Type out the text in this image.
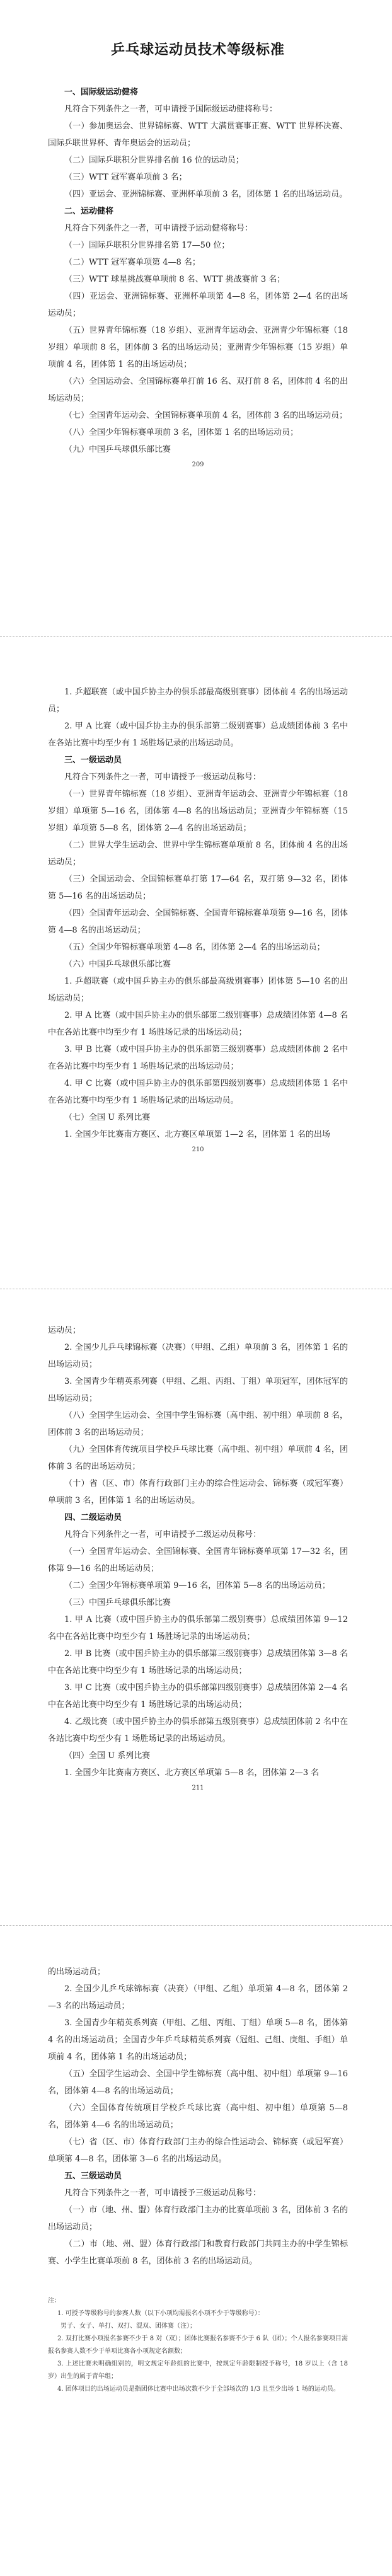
乒乓球运动员技术等级标准

一、国际级运动健将

凡符合下列条件之一者，可申请授予国际级运动健将称号：

（一）参加奥运会、世界锦标赛、WTT 大满贯赛事正赛、WTT 世界杯决赛、国际乒联世界杯、青年奥运会的运动员；

（二）国际乒联积分世界排名前 16 位的运动员；

（三）WTT 冠军赛单项前 3 名；

（四）亚运会、亚洲锦标赛、亚洲杯单项前 3 名，团体第 1 名的出场运动员。

二、运动健将

凡符合下列条件之一者，可申请授予运动健将称号：

（一）国际乒联积分世界排名第 17—50 位；

（二）WTT 冠军赛单项第 4—8 名；

（三）WTT 球星挑战赛单项前 8 名、WTT 挑战赛前 3 名；

（四）亚运会、亚洲锦标赛、亚洲杯单项第 4—8 名，团体第 2—4 名的出场运动员；

（五）世界青年锦标赛（18 岁组）、亚洲青年运动会、亚洲青少年锦标赛（18 岁组）单项前 8 名，团体前 3 名的出场运动员；亚洲青少年锦标赛（15 岁组）单项前 4 名，团体第 1 名的出场运动员；

（六）全国运动会、全国锦标赛单打前 16 名、双打前 8 名，团体前 4 名的出场运动员；

（七）全国青年运动会、全国锦标赛单项前 4 名，团体前 3 名的出场运动员；

（八）全国少年锦标赛单项前 3 名，团体第 1 名的出场运动员；

（九）中国乒乓球俱乐部比赛

209

1. 乒超联赛（或中国乒协主办的俱乐部最高级别赛事）团体前 4 名的出场运动员；

2. 甲 A 比赛（或中国乒协主办的俱乐部第二级别赛事）总成绩团体前 3 名中在各站比赛中均至少有 1 场胜场记录的出场运动员。

三、一级运动员

凡符合下列条件之一者，可申请授予一级运动员称号：

（一）世界青年锦标赛（18 岁组）、亚洲青年运动会、亚洲青少年锦标赛（18 岁组）单项第 5—16 名，团体第 4—8 名的出场运动员；亚洲青少年锦标赛（15 岁组）单项第 5—8 名，团体第 2—4 名的出场运动员；

（二）世界大学生运动会、世界中学生锦标赛单项前 8 名，团体前 4 名的出场运动员；

（三）全国运动会、全国锦标赛单打第 17—64 名，双打第 9—32 名，团体第 5—16 名的出场运动员；

（四）全国青年运动会、全国锦标赛、全国青年锦标赛单项第 9—16 名，团体第 4—8 名的出场运动员；

（五）全国少年锦标赛单项第 4—8 名，团体第 2—4 名的出场运动员；

（六）中国乒乓球俱乐部比赛

1. 乒超联赛（或中国乒协主办的俱乐部最高级别赛事）团体第 5—10 名的出场运动员；

2. 甲 A 比赛（或中国乒协主办的俱乐部第二级别赛事）总成绩团体第 4—8 名中在各站比赛中均至少有 1 场胜场记录的出场运动员；

3. 甲 B 比赛（或中国乒协主办的俱乐部第三级别赛事）总成绩团体前 2 名中在各站比赛中均至少有 1 场胜场记录的出场运动员；

4. 甲 C 比赛（或中国乒协主办的俱乐部第四级别赛事）总成绩团体第 1 名中在各站比赛中均至少有 1 场胜场记录的出场运动员。

（七）全国 U 系列比赛

1. 全国少年比赛南方赛区、北方赛区单项第 1—2 名，团体第 1 名的出场

210

运动员；

2. 全国少儿乒乓球锦标赛（决赛）（甲组、乙组）单项前 3 名，团体第 1 名的出场运动员；

3. 全国青少年精英系列赛（甲组、乙组、丙组、丁组）单项冠军，团体冠军的出场运动员；

（八）全国学生运动会、全国中学生锦标赛（高中组、初中组）单项前 8 名，团体前 3 名的出场运动员；

（九）全国体育传统项目学校乒乓球比赛（高中组、初中组）单项前 4 名，团体前 3 名的出场运动员；

（十）省（区、市）体育行政部门主办的综合性运动会、锦标赛（或冠军赛）单项前 3 名，团体第 1 名的出场运动员。

四、二级运动员

凡符合下列条件之一者，可申请授予二级运动员称号：

（一）全国青年运动会、全国锦标赛、全国青年锦标赛单项第 17—32 名，团体第 9—16 名的出场运动员；

（二）全国少年锦标赛单项第 9—16 名，团体第 5—8 名的出场运动员；

（三）中国乒乓球俱乐部比赛

1. 甲 A 比赛（或中国乒协主办的俱乐部第二级别赛事）总成绩团体第 9—12 名中在各站比赛中均至少有 1 场胜场记录的出场运动员；

2. 甲 B 比赛（或中国乒协主办的俱乐部第三级别赛事）总成绩团体第 3—8 名中在各站比赛中均至少有 1 场胜场记录的出场运动员；

3. 甲 C 比赛（或中国乒协主办的俱乐部第四级别赛事）总成绩团体第 2—4 名中在各站比赛中均至少有 1 场胜场记录的出场运动员；

4. 乙级比赛（或中国乒协主办的俱乐部第五级别赛事）总成绩团体前 2 名中在各站比赛中均至少有 1 场胜场记录的出场运动员。

（四）全国 U 系列比赛

1. 全国少年比赛南方赛区、北方赛区单项第 5—8 名，团体第 2—3 名

211

的出场运动员；

2. 全国少儿乒乓球锦标赛（决赛）（甲组、乙组）单项第 4—8 名，团体第 2—3 名的出场运动员；

3. 全国青少年精英系列赛（甲组、乙组、丙组、丁组）单项 5—8 名，团体第 4 名的出场运动员；全国青少年乒乓球精英系列赛（冠组、己组、庚组、手组）单项前 4 名，团体第 1 名的出场运动员；

（五）全国学生运动会、全国中学生锦标赛（高中组、初中组）单项第 9—16 名，团体第 4—8 名的出场运动员；

（六）全国体育传统项目学校乒乓球比赛（高中组、初中组）单项第 5—8 名，团体第 4—6 名的出场运动员；

（七）省（区、市）体育行政部门主办的综合性运动会、锦标赛（或冠军赛）单项第 4—8 名，团体第 3—6 名的出场运动员。

五、三级运动员

凡符合下列条件之一者，可申请授予三级运动员称号：

（一）市（地、州、盟）体育行政部门主办的比赛单项前 3 名，团体前 3 名的出场运动员；

（二）市（地、州、盟）体育行政部门和教育行政部门共同主办的中学生锦标赛、小学生比赛单项前 8 名，团体前 3 名的出场运动员。

注：

1. 可授予等级称号的参赛人数（以下小项均需报名小项不少于等级称号）：

男子、女子、单打、双打、混双、团体赛（注）；

2. 双打比赛小项报名参赛不少于 8 对（双）；团体比赛报名参赛不少于 6 队（团）；个人报名参赛项目需报名参赛人数不少于单项比赛各小项规定名额数；

3. 上述比赛未明确组别的，明文规定年龄组的比赛中，按规定年龄限制授予称号，18 岁以上（含 18 岁）出生的属于青年组；

4. 团体项目的出场运动员是指团体比赛中出场次数不少于全部场次的 1/3 且至少出场 1 场的运动员。
